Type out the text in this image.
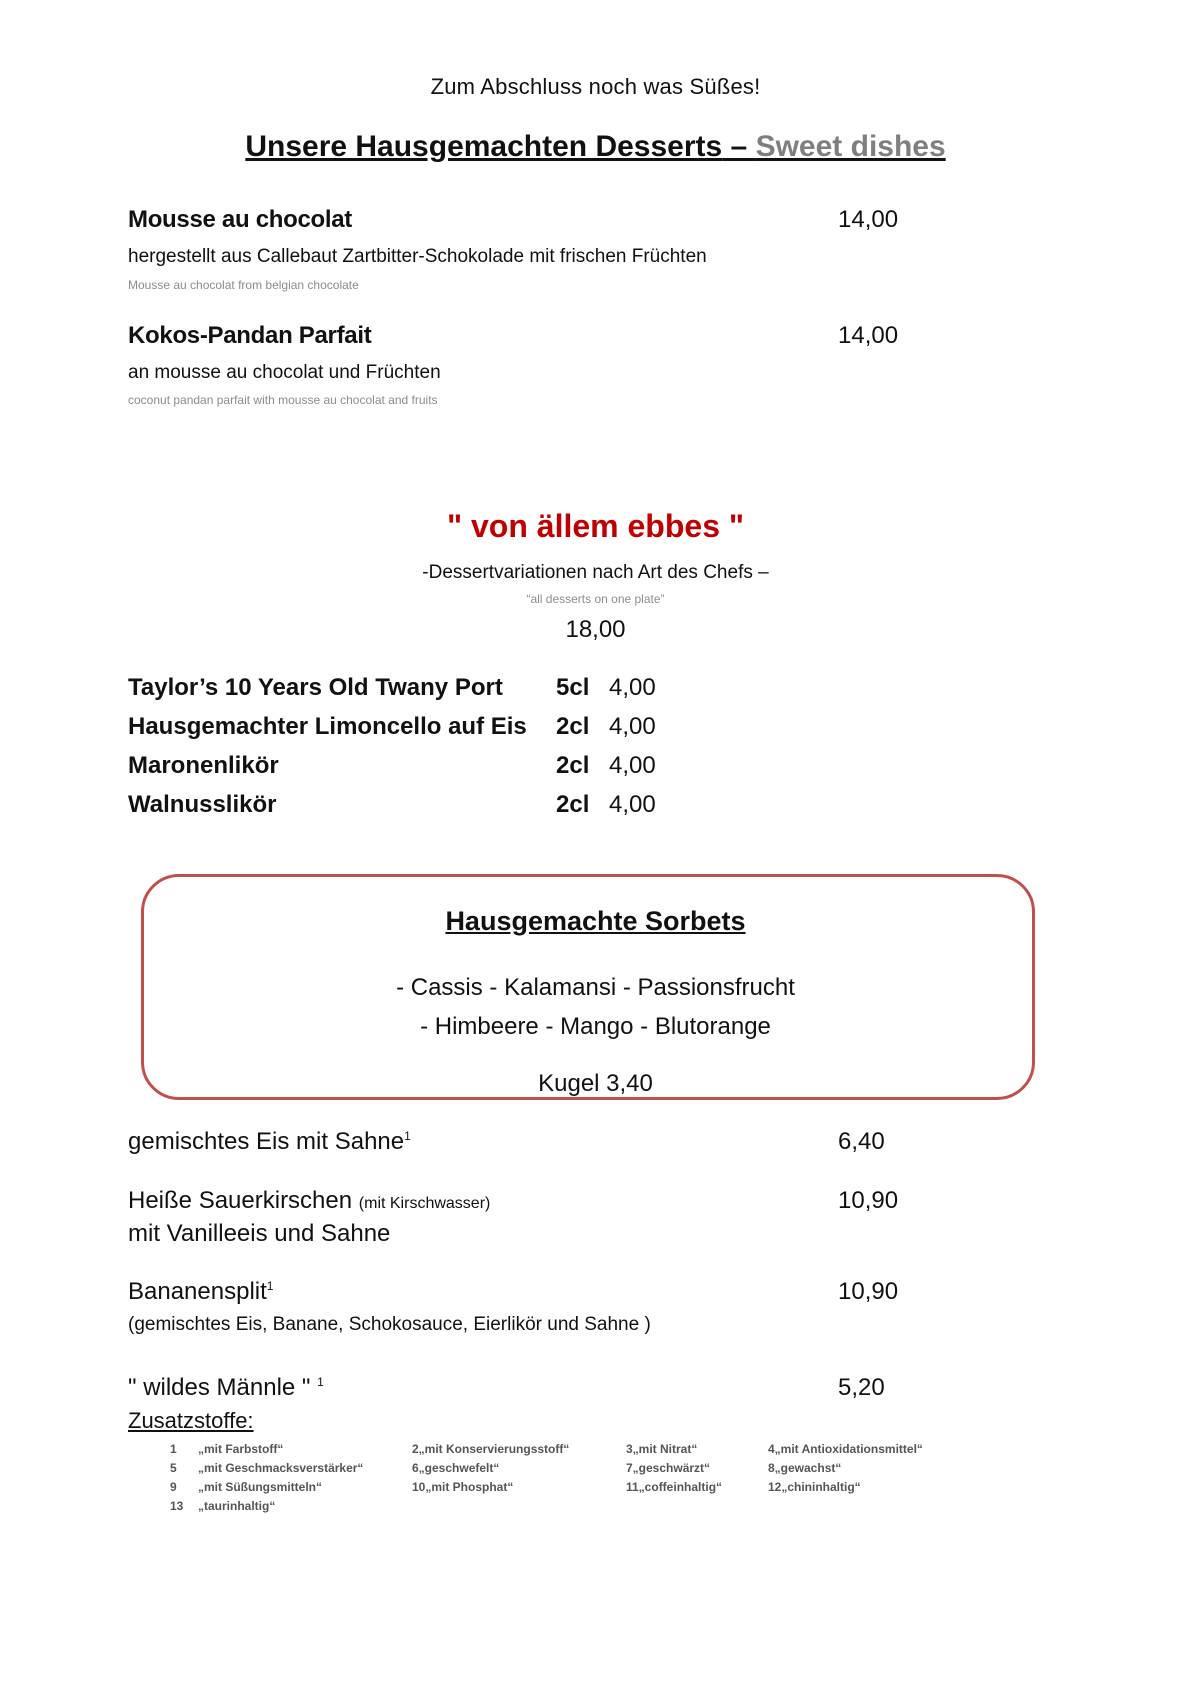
Zum Abschluss noch was Süßes!
Unsere Hausgemachten Desserts – Sweet dishes
Mousse au chocolat	14,00
hergestellt aus Callebaut Zartbitter-Schokolade mit frischen Früchten
Mousse au chocolat from belgian chocolate
Kokos-Pandan Parfait	14,00
an mousse au chocolat und Früchten
coconut pandan parfait with mousse au chocolat and fruits
" von ällem ebbes "
-Dessertvariationen nach Art des Chefs –
“all desserts on one plate”
18,00
Taylor’s 10 Years Old Twany Port 5cl 4,00
Hausgemachter Limoncello auf Eis 2cl 4,00
Maronenlikör	2cl 4,00
Walnusslikör	2cl 4,00
Hausgemachte Sorbets
- Cassis - Kalamansi - Passionsfrucht
- Himbeere - Mango - Blutorange
Kugel 3,40
gemischtes Eis mit Sahne$^1$	6,40
Heiße Sauerkirschen (mit Kirschwasser)	10,90
mit Vanilleeis und Sahne
Bananensplit$^1$	10,90
(gemischtes Eis, Banane, Schokosauce, Eierlikör und Sahne )
" wildes Männle " $^1$	5,20
Zusatzstoffe:
1 „mit Farbstoff“	2„mit Konservierungsstoff“	3„mit Nitrat“	4„mit Antioxidationsmittel“
5 „mit Geschmacksverstärker“	6„geschwefelt“	7„geschwärzt“	8„gewachst“
9 „mit Süßungsmitteln“	10„mit Phosphat“	11„coffeinhaltig“	12„chininhaltig“
13 „taurinhaltig“
